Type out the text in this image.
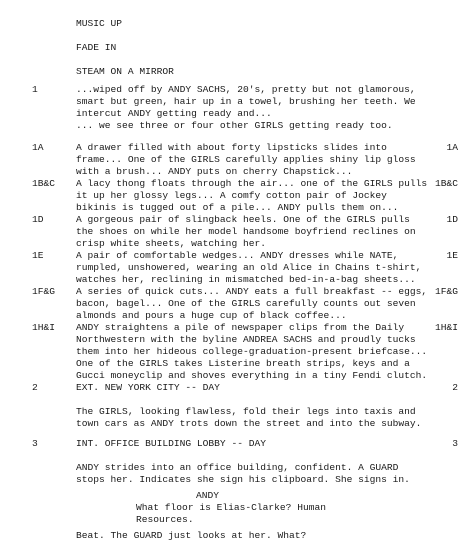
MUSIC UP
FADE IN
STEAM ON A MIRROR
1	...wiped off by ANDY SACHS, 20's, pretty but not glamorous,
smart but green, hair up in a towel, brushing her teeth. We
intercut ANDY getting ready and...
... we see three or four other GIRLS getting ready too.
1A	1A
A drawer filled with about forty lipsticks slides into
frame... One of the GIRLS carefully applies shiny lip gloss
with a brush... ANDY puts on cherry Chapstick...
1B&C	1B&C
A lacy thong floats through the air... one of the GIRLS pulls
it up her glossy legs... A comfy cotton pair of Jockey
bikinis is tugged out of a pile... ANDY pulls them on...
1D	1D
A gorgeous pair of slingback heels. One of the GIRLS pulls
the shoes on while her model handsome boyfriend reclines on
crisp white sheets, watching her.
1E	1E
A pair of comfortable wedges... ANDY dresses while NATE,
rumpled, unshowered, wearing an old Alice in Chains t-shirt,
watches her, reclining in mismatched bed-in-a-bag sheets...
1F&G	1F&G
A series of quick cuts... ANDY eats a full breakfast -- eggs,
bacon, bagel... One of the GIRLS carefully counts out seven
almonds and pours a huge cup of black coffee...
1H&I	1H&I
ANDY straightens a pile of newspaper clips from the Daily
Northwestern with the byline ANDREA SACHS and proudly tucks
them into her hideous college-graduation-present briefcase...
One of the GIRLS takes Listerine breath strips, keys and a
Gucci moneyclip and shoves everything in a tiny Fendi clutch.
2	2
EXT. NEW YORK CITY -- DAY
The GIRLS, looking flawless, fold their legs into taxis and
town cars as ANDY trots down the street and into the subway.
3	3
INT. OFFICE BUILDING LOBBY -- DAY
ANDY strides into an office building, confident. A GUARD
stops her. Indicates she sign his clipboard. She signs in.
ANDY
What floor is Elias-Clarke? Human
Resources.
Beat. The GUARD just looks at her. What?
